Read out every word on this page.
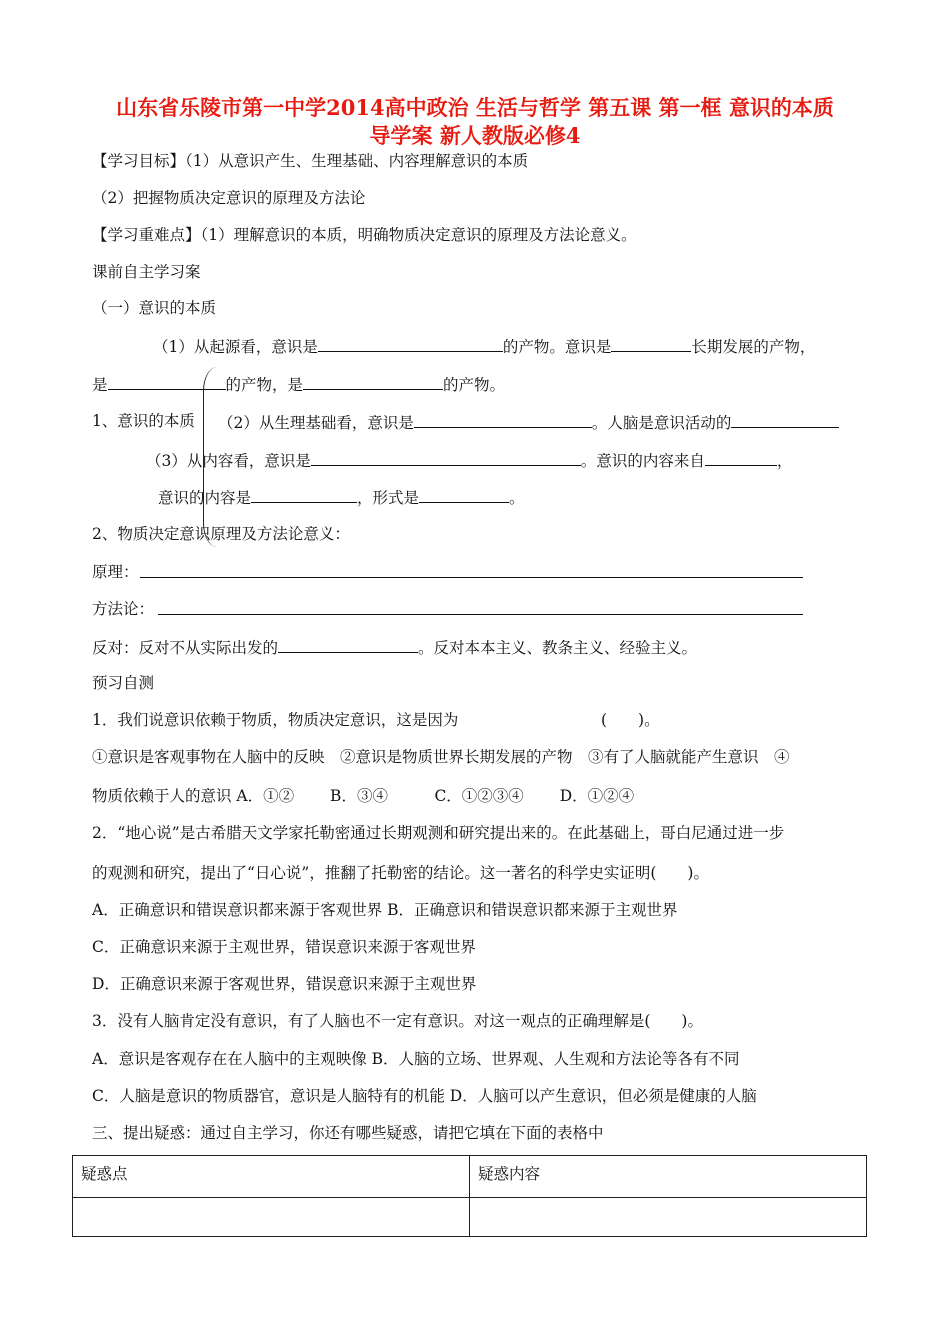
山东省乐陵市第一中学2014高中政治 生活与哲学 第五课 第一框 意识的本质
导学案 新人教版必修4
【学习目标】（1）从意识产生、生理基础、内容理解意识的本质
（2）把握物质决定意识的原理及方法论
【学习重难点】（1）理解意识的本质，明确物质决定意识的原理及方法论意义。
课前自主学习案
（一）意识的本质
（1）从起源看，意识是	的产物。意识是	长期发展的产物，
是	的产物，是	的产物。
1、意识的本质 （2）从生理基础看，意识是	。人脑是意识活动的
（3）从内容看，意识是	。意识的内容来自	，
意识的内容是	，形式是	。
2、物质决定意识原理及方法论意义：
原理：
方法论：
反对：反对不从实际出发的	。反对本本主义、教条主义、经验主义。
预习自测
1．我们说意识依赖于物质，物质决定意识，这是因为	(　　)。
①意识是客观事物在人脑中的反映　②意识是物质世界长期发展的产物　③有了人脑就能产生意识　④
物质依赖于人的意识 A．①②　　 B．③④　　　C．①②③④　　 D．①②④
2．“地心说”是古希腊天文学家托勒密通过长期观测和研究提出来的。在此基础上，哥白尼通过进一步
的观测和研究，提出了“日心说”，推翻了托勒密的结论。这一著名的科学史实证明(　　)。
A．正确意识和错误意识都来源于客观世界 B．正确意识和错误意识都来源于主观世界
C．正确意识来源于主观世界，错误意识来源于客观世界
D．正确意识来源于客观世界，错误意识来源于主观世界
3．没有人脑肯定没有意识，有了人脑也不一定有意识。对这一观点的正确理解是(　　)。
A．意识是客观存在在人脑中的主观映像 B．人脑的立场、世界观、人生观和方法论等各有不同
C．人脑是意识的物质器官，意识是人脑特有的机能 D．人脑可以产生意识，但必须是健康的人脑
三、提出疑惑：通过自主学习，你还有哪些疑惑，请把它填在下面的表格中
疑惑点	疑惑内容
